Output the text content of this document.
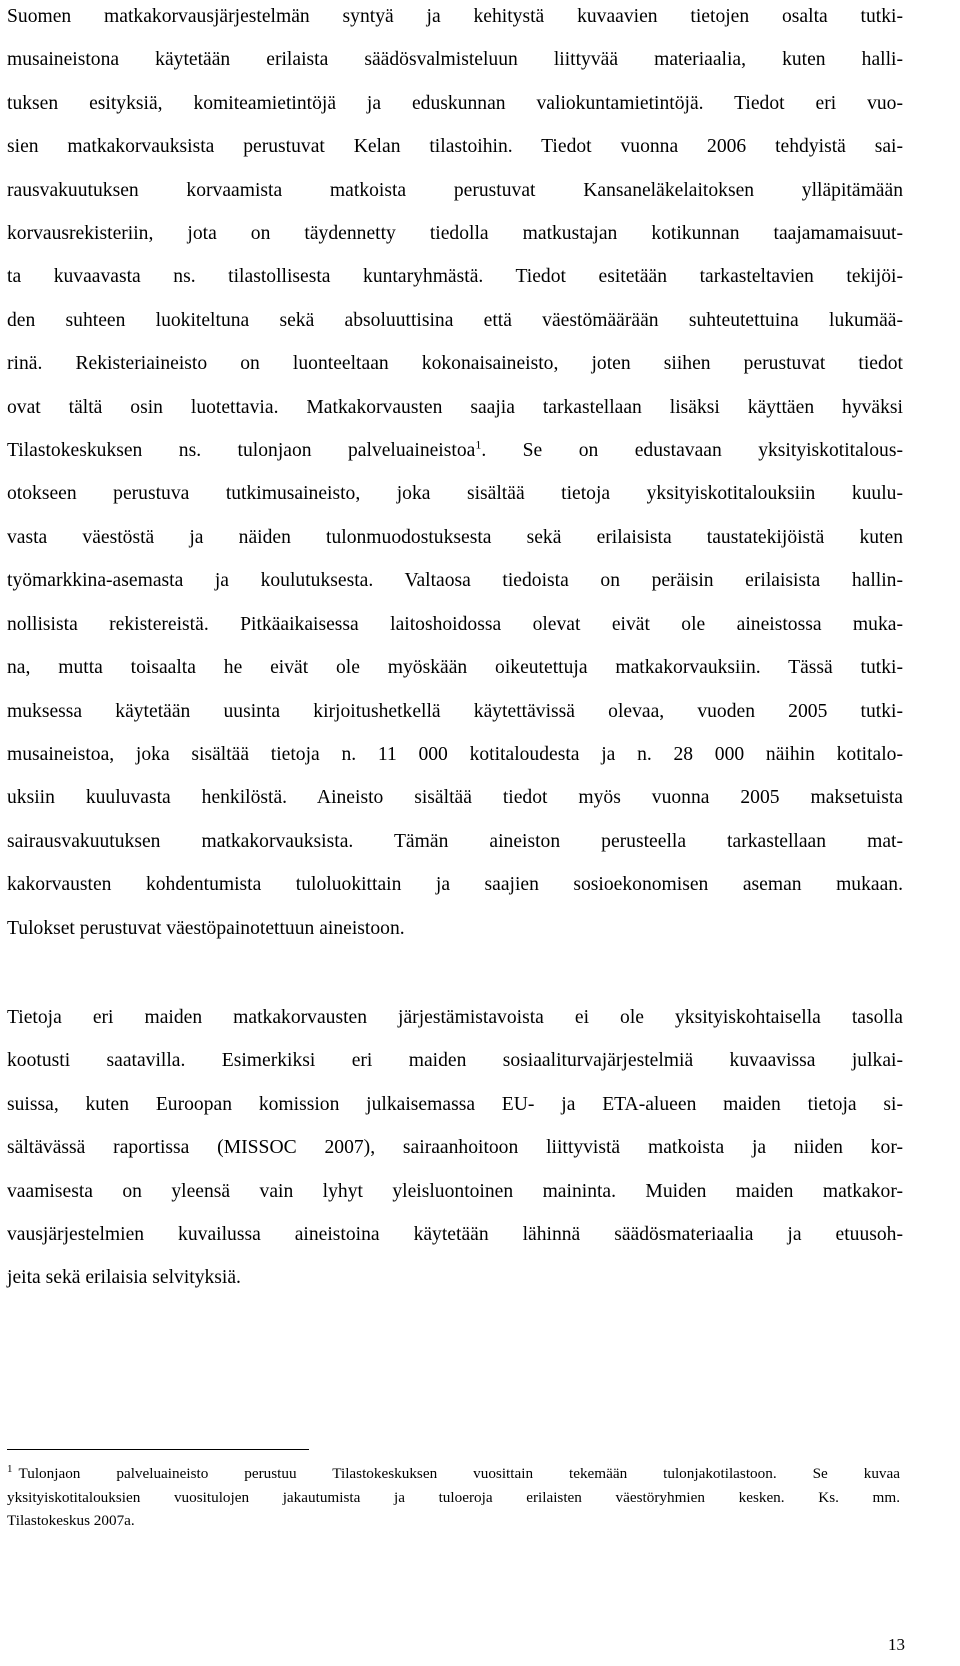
Suomen matkakorvausjärjestelmän syntyä ja kehitystä kuvaavien tietojen osalta tutki-
musaineistona käytetään erilaista säädösvalmisteluun liittyvää materiaalia, kuten halli-
tuksen esityksiä, komiteamietintöjä ja eduskunnan valiokuntamietintöjä. Tiedot eri vuo-
sien matkakorvauksista perustuvat Kelan tilastoihin. Tiedot vuonna 2006 tehdyistä sai-
rausvakuutuksen korvaamista matkoista perustuvat Kansaneläkelaitoksen ylläpitämään
korvausrekisteriin, jota on täydennetty tiedolla matkustajan kotikunnan taajamamaisuut-
ta kuvaavasta ns. tilastollisesta kuntaryhmästä. Tiedot esitetään tarkasteltavien tekijöi-
den suhteen luokiteltuna sekä absoluuttisina että väestömäärään suhteutettuina lukumää-
rinä. Rekisteriaineisto on luonteeltaan kokonaisaineisto, joten siihen perustuvat tiedot
ovat tältä osin luotettavia. Matkakorvausten saajia tarkastellaan lisäksi käyttäen hyväksi
Tilastokeskuksen ns. tulonjaon palveluaineistoa$^1$. Se on edustavaan yksityiskotitalous-
otokseen perustuva tutkimusaineisto, joka sisältää tietoja yksityiskotitalouksiin kuulu-
vasta väestöstä ja näiden tulonmuodostuksesta sekä erilaisista taustatekijöistä kuten
työmarkkina-asemasta ja koulutuksesta. Valtaosa tiedoista on peräisin erilaisista hallin-
nollisista rekistereistä. Pitkäaikaisessa laitoshoidossa olevat eivät ole aineistossa muka-
na, mutta toisaalta he eivät ole myöskään oikeutettuja matkakorvauksiin. Tässä tutki-
muksessa käytetään uusinta kirjoitushetkellä käytettävissä olevaa, vuoden 2005 tutki-
musaineistoa, joka sisältää tietoja n. 11 000 kotitaloudesta ja n. 28 000 näihin kotitalo-
uksiin kuuluvasta henkilöstä. Aineisto sisältää tiedot myös vuonna 2005 maksetuista
sairausvakuutuksen matkakorvauksista. Tämän aineiston perusteella tarkastellaan mat-
kakorvausten kohdentumista tuloluokittain ja saajien sosioekonomisen aseman mukaan.
Tulokset perustuvat väestöpainotettuun aineistoon.

Tietoja eri maiden matkakorvausten järjestämistavoista ei ole yksityiskohtaisella tasolla
kootusti saatavilla. Esimerkiksi eri maiden sosiaaliturvajärjestelmiä kuvaavissa julkai-
suissa, kuten Euroopan komission julkaisemassa EU- ja ETA-alueen maiden tietoja si-
sältävässä raportissa (MISSOC 2007), sairaanhoitoon liittyvistä matkoista ja niiden kor-
vaamisesta on yleensä vain lyhyt yleisluontoinen maininta. Muiden maiden matkakor-
vausjärjestelmien kuvailussa aineistoina käytetään lähinnä säädösmateriaalia ja etuusoh-
jeita sekä erilaisia selvityksiä.

$^1$ Tulonjaon palveluaineisto perustuu Tilastokeskuksen vuosittain tekemään tulonjakotilastoon. Se kuvaa
yksityiskotitalouksien vuositulojen jakautumista ja tuloeroja erilaisten väestöryhmien kesken. Ks. mm.
Tilastokeskus 2007a.
13
